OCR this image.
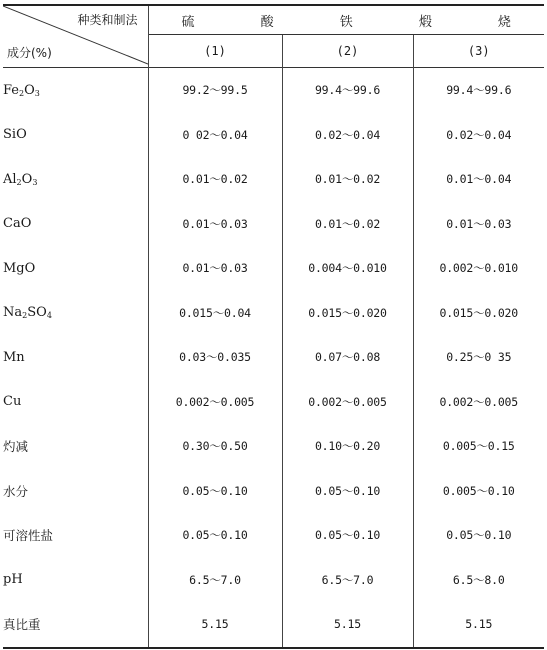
种类和制法
成分(%)	硫 酸 铁 煅 烧		

	(1)	(2)	(3)
$Fe_2O_3$	99.2～99.5	99.4～99.6	99.4～99.6
SiO	0 02～0.04	0.02～0.04	0.02～0.04
$Al_2O_3$	0.01～0.02	0.01～0.02	0.01～0.04
CaO	0.01～0.03	0.01～0.02	0.01～0.03
MgO	0.01～0.03	0.004～0.010	0.002～0.010
$Na_2SO_4$	0.015～0.04	0.015～0.020	0.015～0.020
Mn	0.03～0.035	0.07～0.08	0.25～0 35
Cu	0.002～0.005	0.002～0.005	0.002～0.005
灼减	0.30～0.50	0.10～0.20	0.005～0.15
水分	0.05～0.10	0.05～0.10	0.005～0.10
可溶性盐	0.05～0.10	0.05～0.10	0.05～0.10
pH	6.5～7.0	6.5～7.0	6.5～8.0
真比重	5.15	5.15	5.15
